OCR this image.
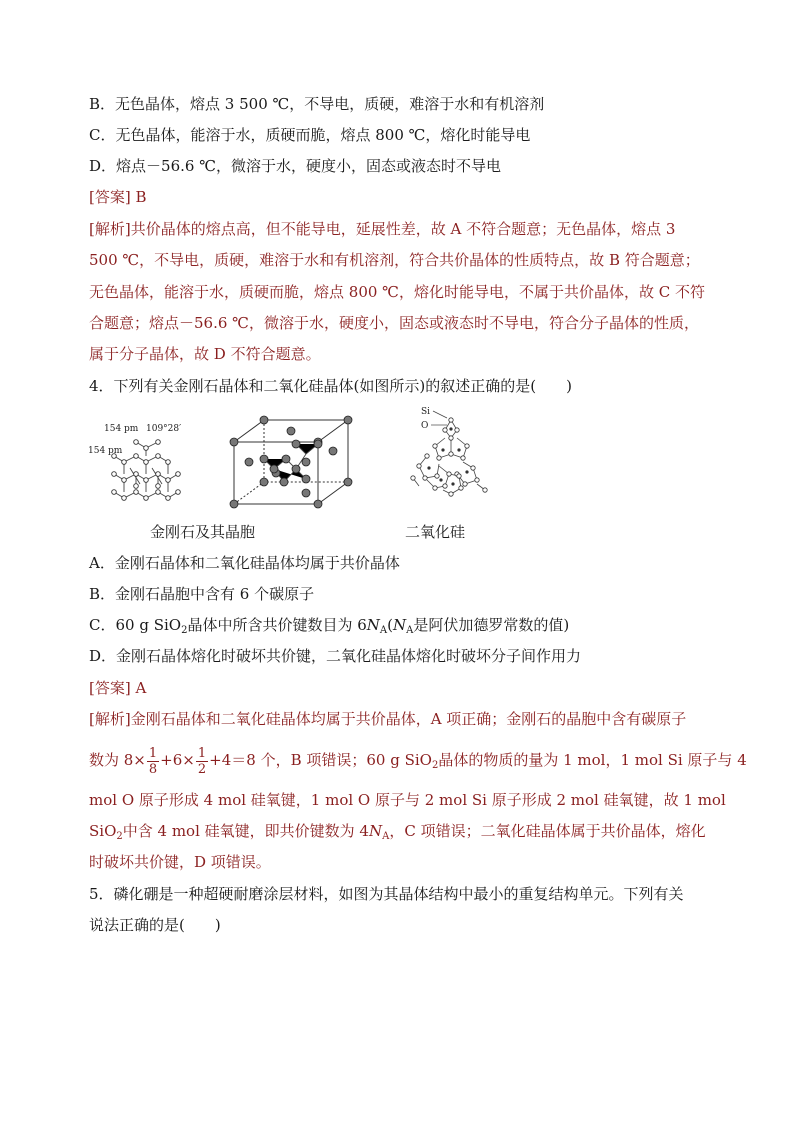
B．无色晶体，熔点 3 500 ℃，不导电，质硬，难溶于水和有机溶剂
C．无色晶体，能溶于水，质硬而脆，熔点 800 ℃，熔化时能导电
D．熔点－56.6 ℃，微溶于水，硬度小，固态或液态时不导电
[答案] B
[解析]共价晶体的熔点高，但不能导电，延展性差，故 A 不符合题意；无色晶体，熔点 3
500 ℃，不导电，质硬，难溶于水和有机溶剂，符合共价晶体的性质特点，故 B 符合题意；
无色晶体，能溶于水，质硬而脆，熔点 800 ℃，熔化时能导电，不属于共价晶体，故 C 不符
合题意；熔点－56.6 ℃，微溶于水，硬度小，固态或液态时不导电，符合分子晶体的性质，
属于分子晶体，故 D 不符合题意。
4．下列有关金刚石晶体和二氧化硅晶体(如图所示)的叙述正确的是(　　)
154 pm 109°28′
154 pm
Si
O
金刚石及其晶胞	二氧化硅
A．金刚石晶体和二氧化硅晶体均属于共价晶体
B．金刚石晶胞中含有 6 个碳原子
C．60 g SiO$_2$晶体中所含共价键数目为 $6N_A(N_A$是阿伏加德罗常数的值)
D．金刚石晶体熔化时破坏共价键，二氧化硅晶体熔化时破坏分子间作用力
[答案] A
[解析]金刚石晶体和二氧化硅晶体均属于共价晶体，A 项正确；金刚石的晶胞中含有碳原子
数为 $8\times \frac{1}{8} +6\times \frac{1}{2} +4=8$ 个，B 项错误；60 g SiO$_2$晶体的物质的量为 1 mol，1 mol Si 原子与 4
mol O 原子形成 4 mol 硅氧键，1 mol O 原子与 2 mol Si 原子形成 2 mol 硅氧键，故 1 mol
SiO$_2$中含 4 mol 硅氧键，即共价键数为 $4N_A$，C 项错误；二氧化硅晶体属于共价晶体，熔化
时破坏共价键，D 项错误。
5．磷化硼是一种超硬耐磨涂层材料，如图为其晶体结构中最小的重复结构单元。下列有关
说法正确的是(　　)
